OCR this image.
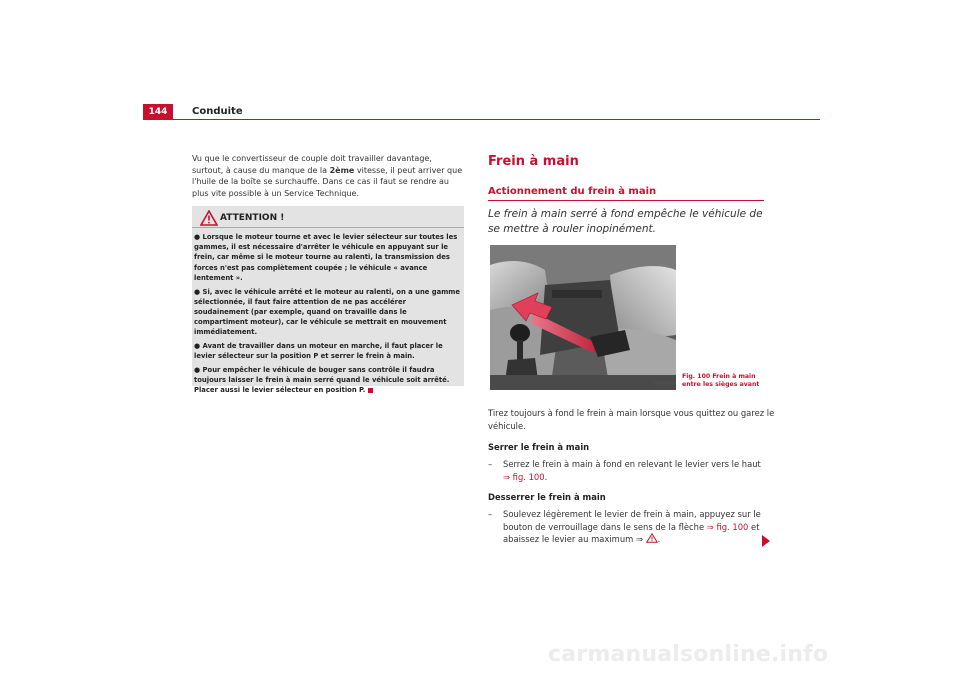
144	Conduite
Vu que le convertisseur de couple doit travailler davantage, surtout, à cause du manque de la 2ème vitesse, il peut arriver que l'huile de la boîte se surchauffe. Dans ce cas il faut se rendre au plus vite possible à un Service Technique.
ATTENTION !
● Lorsque le moteur tourne et avec le levier sélecteur sur toutes les gammes, il est nécessaire d'arrêter le véhicule en appuyant sur le frein, car même si le moteur tourne au ralenti, la transmission des forces n'est pas complètement coupée ; le véhicule « avance lentement ».
● Si, avec le véhicule arrêté et le moteur au ralenti, on a une gamme sélectionnée, il faut faire attention de ne pas accélérer soudainement (par exemple, quand on travaille dans le compartiment moteur), car le véhicule se mettrait en mouvement immédiatement.
● Avant de travailler dans un moteur en marche, il faut placer le levier sélecteur sur la position P et serrer le frein à main.
● Pour empêcher le véhicule de bouger sans contrôle il faudra toujours laisser le frein à main serré quand le véhicule soit arrêté. Placer aussi le levier sélecteur en position P.
Frein à main
Actionnement du frein à main
Le frein à main serré à fond empêche le véhicule de se mettre à rouler inopinément.
B5P-0095
Fig. 100 Frein à main entre les sièges avant
Tirez toujours à fond le frein à main lorsque vous quittez ou garez le véhicule.
Serrer le frein à main
– Serrez le frein à main à fond en relevant le levier vers le haut
⇒ fig. 100.
Desserrer le frein à main
– Soulevez légèrement le levier de frein à main, appuyez sur le bouton de verrouillage dans le sens de la flèche ⇒ fig. 100 et abaissez le levier au maximum ⇒ .
carmanualsonline.info
